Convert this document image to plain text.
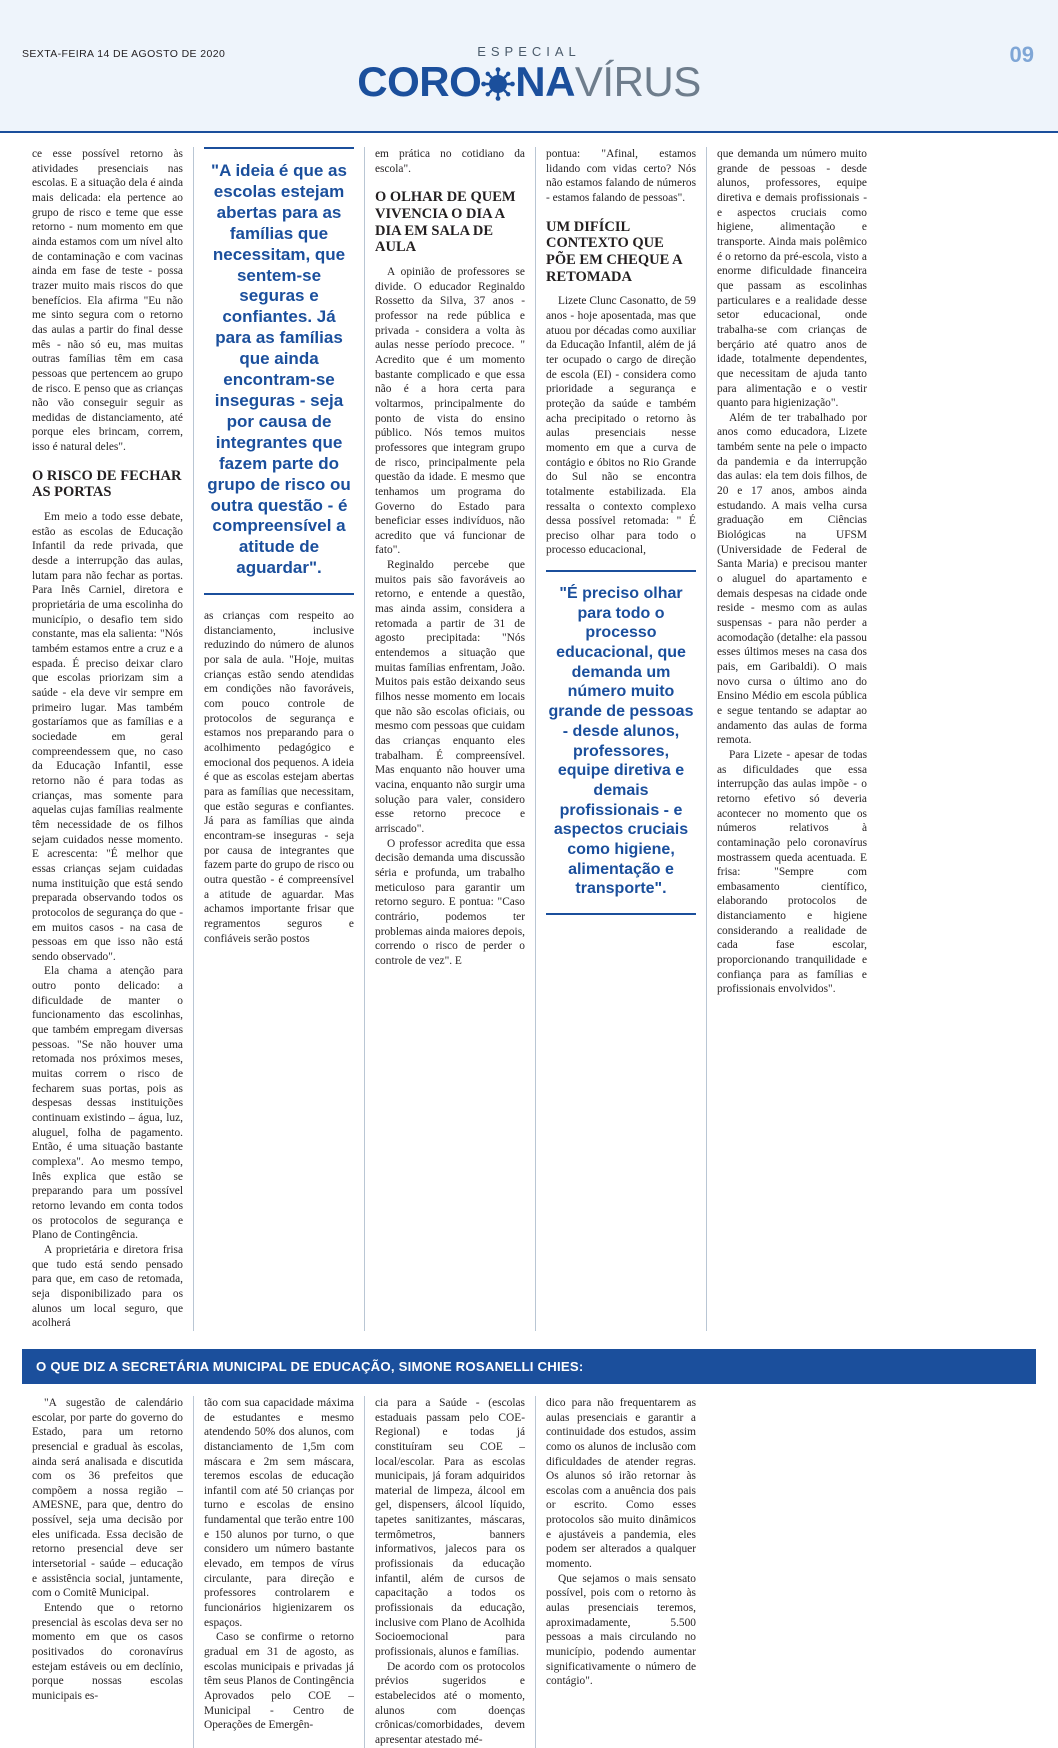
SEXTA-FEIRA 14 DE AGOSTO DE 2020	ESPECIAL
CORO NAVÍRUS
09

ce esse possível retorno às atividades presenciais nas escolas. E a situação dela é ainda mais delicada: ela pertence ao grupo de risco e teme que esse retorno - num momento em que ainda estamos com um nível alto de contaminação e com vacinas ainda em fase de teste - possa trazer muito mais riscos do que benefícios. Ela afirma "Eu não me sinto segura com o retorno das aulas a partir do final desse mês - não só eu, mas muitas outras famílias têm em casa pessoas que pertencem ao grupo de risco. E penso que as crianças não vão conseguir seguir as medidas de distanciamento, até porque eles brincam, correm, isso é natural deles".

O RISCO DE FECHAR AS PORTAS

Em meio a todo esse debate, estão as escolas de Educação Infantil da rede privada, que desde a interrupção das aulas, lutam para não fechar as portas. Para Inês Carniel, diretora e proprietária de uma escolinha do município, o desafio tem sido constante, mas ela salienta: "Nós também estamos entre a cruz e a espada. É preciso deixar claro que escolas priorizam sim a saúde - ela deve vir sempre em primeiro lugar. Mas também gostaríamos que as famílias e a sociedade em geral compreendessem que, no caso da Educação Infantil, esse retorno não é para todas as crianças, mas somente para aquelas cujas famílias realmente têm necessidade de os filhos sejam cuidados nesse momento. E acrescenta: "É melhor que essas crianças sejam cuidadas numa instituição que está sendo preparada observando todos os protocolos de segurança do que - em muitos casos - na casa de pessoas em que isso não está sendo observado".

Ela chama a atenção para outro ponto delicado: a dificuldade de manter o funcionamento das escolinhas, que também empregam diversas pessoas. "Se não houver uma retomada nos próximos meses, muitas correm o risco de fecharem suas portas, pois as despesas dessas instituições continuam existindo – água, luz, aluguel, folha de pagamento. Então, é uma situação bastante complexa". Ao mesmo tempo, Inês explica que estão se preparando para um possível retorno levando em conta todos os protocolos de segurança e Plano de Contingência.

A proprietária e diretora frisa que tudo está sendo pensado para que, em caso de retomada, seja disponibilizado para os alunos um local seguro, que acolherá

"A ideia é que as escolas estejam abertas para as famílias que necessitam, que sentem-se seguras e confiantes. Já para as famílias que ainda encontram-se inseguras - seja por causa de integrantes que fazem parte do grupo de risco ou outra questão - é compreensível a atitude de aguardar".

as crianças com respeito ao distanciamento, inclusive reduzindo do número de alunos por sala de aula. "Hoje, muitas crianças estão sendo atendidas em condições não favoráveis, com pouco controle de protocolos de segurança e estamos nos preparando para o acolhimento pedagógico e emocional dos pequenos. A ideia é que as escolas estejam abertas para as famílias que necessitam, que estão seguras e confiantes. Já para as famílias que ainda encontram-se inseguras - seja por causa de integrantes que fazem parte do grupo de risco ou outra questão - é compreensível a atitude de aguardar. Mas achamos importante frisar que regramentos seguros e confiáveis serão postos

em prática no cotidiano da escola".

O OLHAR DE QUEM VIVENCIA O DIA A DIA EM SALA DE AULA

A opinião de professores se divide. O educador Reginaldo Rossetto da Silva, 37 anos - professor na rede pública e privada - considera a volta às aulas nesse período precoce. " Acredito que é um momento bastante complicado e que essa não é a hora certa para voltarmos, principalmente do ponto de vista do ensino público. Nós temos muitos professores que integram grupo de risco, principalmente pela questão da idade. E mesmo que tenhamos um programa do Governo do Estado para beneficiar esses indivíduos, não acredito que vá funcionar de fato".

Reginaldo percebe que muitos pais são favoráveis ao retorno, e entende a questão, mas ainda assim, considera a retomada a partir de 31 de agosto precipitada: "Nós entendemos a situação que muitas famílias enfrentam, João. Muitos pais estão deixando seus filhos nesse momento em locais que não são escolas oficiais, ou mesmo com pessoas que cuidam das crianças enquanto eles trabalham. É compreensível. Mas enquanto não houver uma vacina, enquanto não surgir uma solução para valer, considero esse retorno precoce e arriscado".

O professor acredita que essa decisão demanda uma discussão séria e profunda, um trabalho meticuloso para garantir um retorno seguro. E pontua: "Caso contrário, podemos ter problemas ainda maiores depois, correndo o risco de perder o controle de vez". E

pontua: "Afinal, estamos lidando com vidas certo? Nós não estamos falando de números - estamos falando de pessoas".

UM DIFÍCIL CONTEXTO QUE PÕE EM CHEQUE A RETOMADA

Lizete Clunc Casonatto, de 59 anos - hoje aposentada, mas que atuou por décadas como auxiliar da Educação Infantil, além de já ter ocupado o cargo de direção de escola (EI) - considera como prioridade a segurança e proteção da saúde e também acha precipitado o retorno às aulas presenciais nesse momento em que a curva de contágio e óbitos no Rio Grande do Sul não se encontra totalmente estabilizada. Ela ressalta o contexto complexo dessa possível retomada: " É preciso olhar para todo o processo educacional,

"É preciso olhar para todo o processo educacional, que demanda um número muito grande de pessoas - desde alunos, professores, equipe diretiva e demais profissionais - e aspectos cruciais como higiene, alimentação e transporte".

que demanda um número muito grande de pessoas - desde alunos, professores, equipe diretiva e demais profissionais - e aspectos cruciais como higiene, alimentação e transporte. Ainda mais polêmico é o retorno da pré-escola, visto a enorme dificuldade financeira que passam as escolinhas particulares e a realidade desse setor educacional, onde trabalha-se com crianças de berçário até quatro anos de idade, totalmente dependentes, que necessitam de ajuda tanto para alimentação e o vestir quanto para higienização".

Além de ter trabalhado por anos como educadora, Lizete também sente na pele o impacto da pandemia e da interrupção das aulas: ela tem dois filhos, de 20 e 17 anos, ambos ainda estudando. A mais velha cursa graduação em Ciências Biológicas na UFSM (Universidade de Federal de Santa Maria) e precisou manter o aluguel do apartamento e demais despesas na cidade onde reside - mesmo com as aulas suspensas - para não perder a acomodação (detalhe: ela passou esses últimos meses na casa dos pais, em Garibaldi). O mais novo cursa o último ano do Ensino Médio em escola pública e segue tentando se adaptar ao andamento das aulas de forma remota.

Para Lizete - apesar de todas as dificuldades que essa interrupção das aulas impõe - o retorno efetivo só deveria acontecer no momento que os números relativos à contaminação pelo coronavírus mostrassem queda acentuada. E frisa: "Sempre com embasamento científico, elaborando protocolos de distanciamento e higiene considerando a realidade de cada fase escolar, proporcionando tranquilidade e confiança para as famílias e profissionais envolvidos".

O QUE DIZ A SECRETÁRIA MUNICIPAL DE EDUCAÇÃO, SIMONE ROSANELLI CHIES:

"A sugestão de calendário escolar, por parte do governo do Estado, para um retorno presencial e gradual às escolas, ainda será analisada e discutida com os 36 prefeitos que compõem a nossa região – AMESNE, para que, dentro do possível, seja uma decisão por eles unificada. Essa decisão de retorno presencial deve ser intersetorial - saúde – educação e assistência social, juntamente, com o Comitê Municipal.

Entendo que o retorno presencial às escolas deva ser no momento em que os casos positivados do coronavírus estejam estáveis ou em declínio, porque nossas escolas municipais es-

tão com sua capacidade máxima de estudantes e mesmo atendendo 50% dos alunos, com distanciamento de 1,5m com máscara e 2m sem máscara, teremos escolas de educação infantil com até 50 crianças por turno e escolas de ensino fundamental que terão entre 100 e 150 alunos por turno, o que considero um número bastante elevado, em tempos de vírus circulante, para direção e professores controlarem e funcionários higienizarem os espaços.

Caso se confirme o retorno gradual em 31 de agosto, as escolas municipais e privadas já têm seus Planos de Contingência Aprovados pelo COE – Municipal - Centro de Operações de Emergên-

cia para a Saúde - (escolas estaduais passam pelo COE-Regional) e todas já constituíram seu COE – local/escolar. Para as escolas municipais, já foram adquiridos material de limpeza, álcool em gel, dispensers, álcool líquido, tapetes sanitizantes, máscaras, termômetros, banners informativos, jalecos para os profissionais da educação infantil, além de cursos de capacitação a todos os profissionais da educação, inclusive com Plano de Acolhida Socioemocional para profissionais, alunos e famílias.

De acordo com os protocolos prévios sugeridos e estabelecidos até o momento, alunos com doenças crônicas/comorbidades, devem apresentar atestado mé-

dico para não frequentarem as aulas presenciais e garantir a continuidade dos estudos, assim como os alunos de inclusão com dificuldades de atender regras. Os alunos só irão retornar às escolas com a anuência dos pais or escrito. Como esses protocolos são muito dinâmicos e ajustáveis a pandemia, eles podem ser alterados a qualquer momento.

Que sejamos o mais sensato possível, pois com o retorno às aulas presenciais teremos, aproximadamente, 5.500 pessoas a mais circulando no município, podendo aumentar significativamente o número de contágio".
